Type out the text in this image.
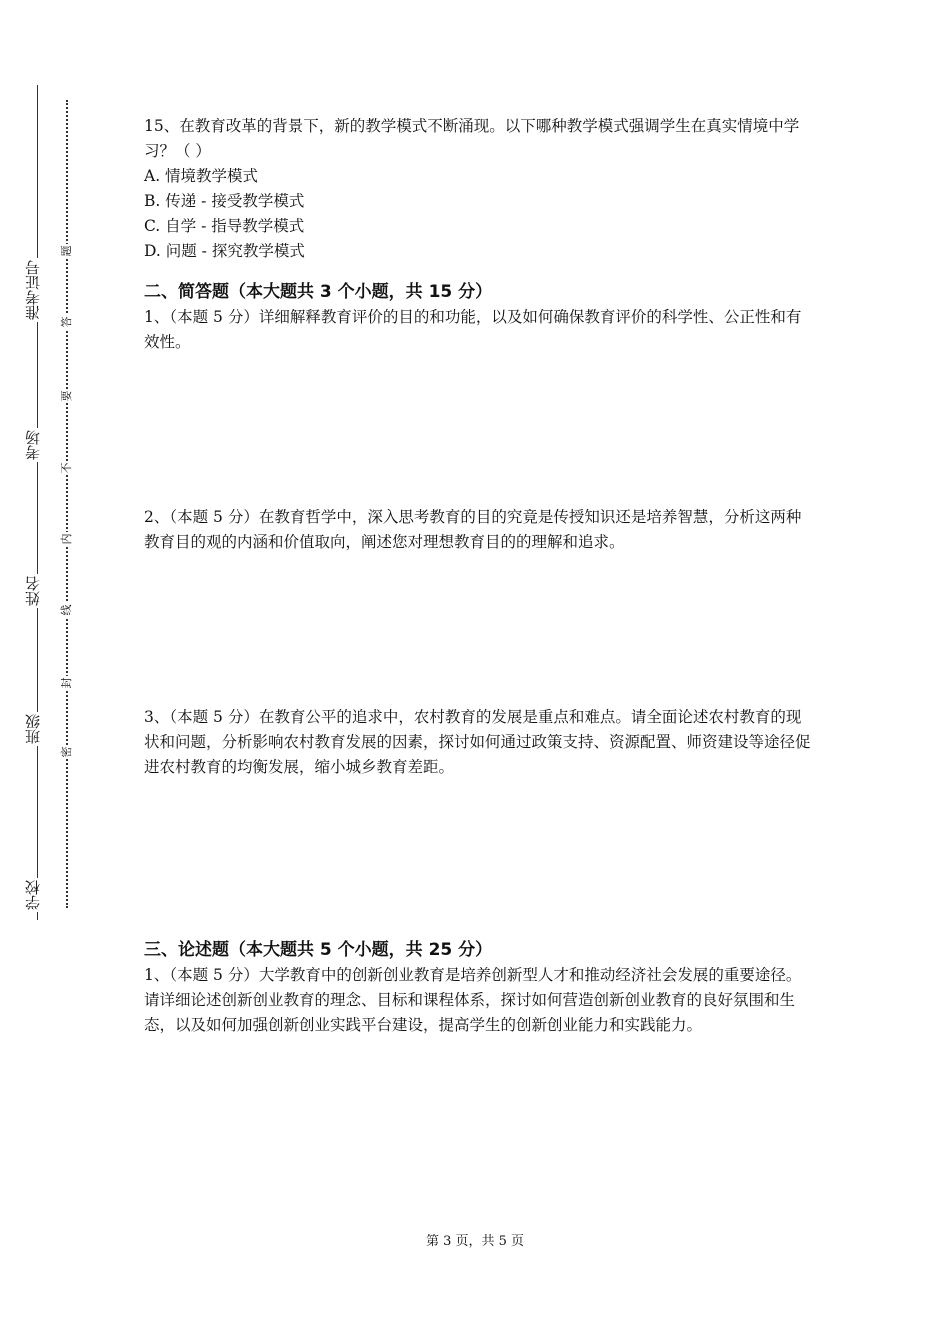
学校
班级
姓名
考场
准考证号
密
封
线
内
不
要
答
题

15、在教育改革的背景下，新的教学模式不断涌现。以下哪种教学模式强调学生在真实情境中学习？（ ）

A. 情境教学模式

B. 传递 - 接受教学模式

C. 自学 - 指导教学模式

D. 问题 - 探究教学模式

二、简答题（本大题共 3 个小题，共 15 分）

1、（本题 5 分）详细解释教育评价的目的和功能，以及如何确保教育评价的科学性、公正性和有效性。

2、（本题 5 分）在教育哲学中，深入思考教育的目的究竟是传授知识还是培养智慧，分析这两种教育目的观的内涵和价值取向，阐述您对理想教育目的的理解和追求。

3、（本题 5 分）在教育公平的追求中，农村教育的发展是重点和难点。请全面论述农村教育的现状和问题，分析影响农村教育发展的因素，探讨如何通过政策支持、资源配置、师资建设等途径促进农村教育的均衡发展，缩小城乡教育差距。

三、论述题（本大题共 5 个小题，共 25 分）

1、（本题 5 分）大学教育中的创新创业教育是培养创新型人才和推动经济社会发展的重要途径。请详细论述创新创业教育的理念、目标和课程体系，探讨如何营造创新创业教育的良好氛围和生态，以及如何加强创新创业实践平台建设，提高学生的创新创业能力和实践能力。

第 3 页，共 5 页
